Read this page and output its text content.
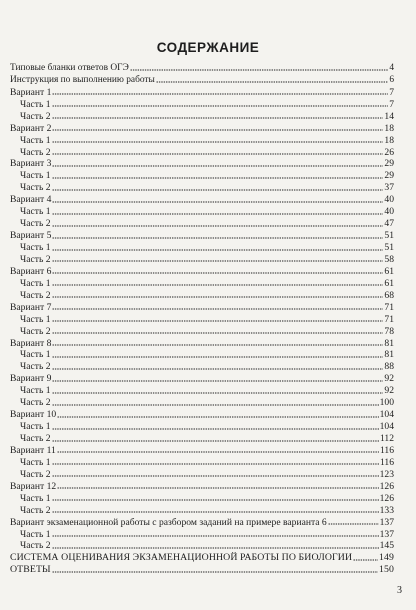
СОДЕРЖАНИЕ
Типовые бланки ответов ОГЭ	4
Инструкция по выполнению работы	6
Вариант 1	7
Часть 1	7
Часть 2	14
Вариант 2	18
Часть 1	18
Часть 2	26
Вариант 3	29
Часть 1	29
Часть 2	37
Вариант 4	40
Часть 1	40
Часть 2	47
Вариант 5	51
Часть 1	51
Часть 2	58
Вариант 6	61
Часть 1	61
Часть 2	68
Вариант 7	71
Часть 1	71
Часть 2	78
Вариант 8	81
Часть 1	81
Часть 2	88
Вариант 9	92
Часть 1	92
Часть 2	100
Вариант 10	104
Часть 1	104
Часть 2	112
Вариант 11	116
Часть 1	116
Часть 2	123
Вариант 12	126
Часть 1	126
Часть 2	133
Вариант экзаменационной работы с разбором заданий на примере варианта 6	137
Часть 1	137
Часть 2	145
СИСТЕМА ОЦЕНИВАНИЯ ЭКЗАМЕНАЦИОННОЙ РАБОТЫ ПО БИОЛОГИИ	149
ОТВЕТЫ	150
3
